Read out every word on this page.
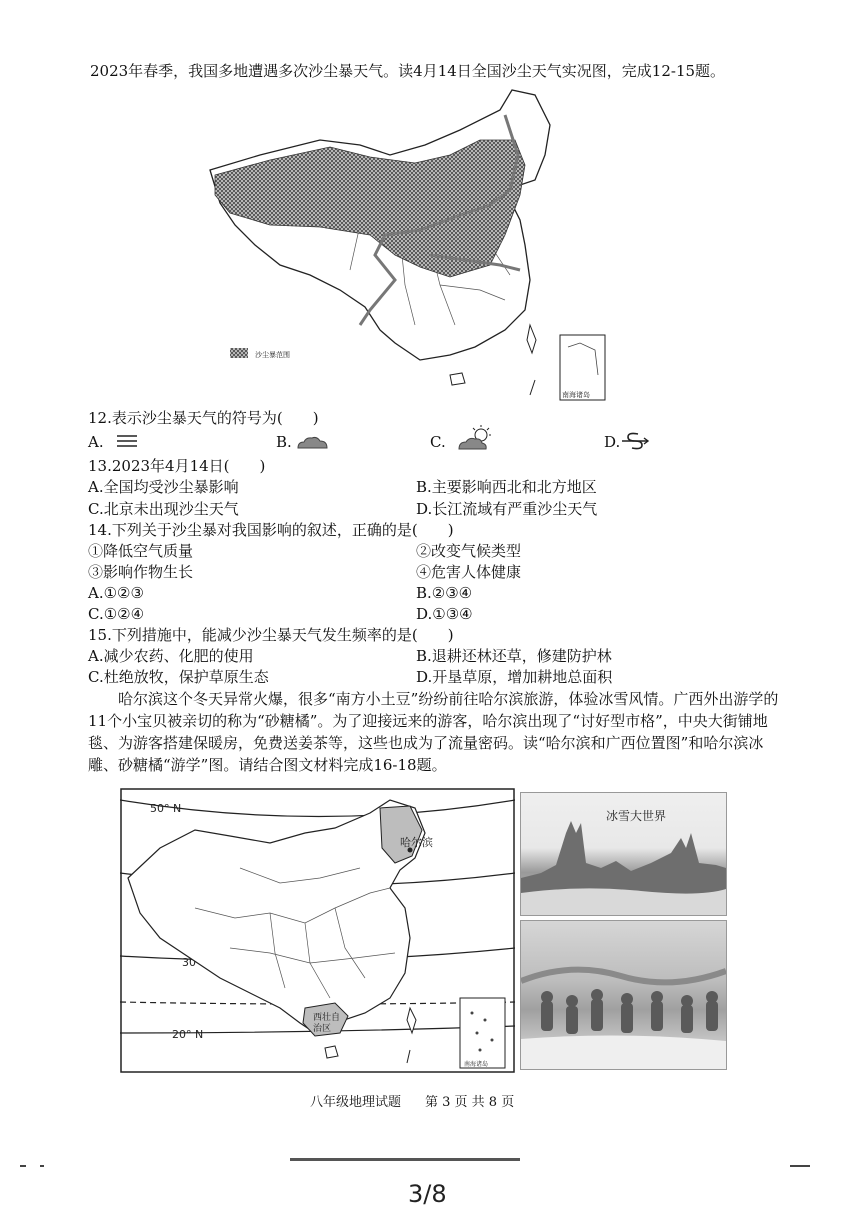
2023年春季，我国多地遭遇多次沙尘暴天气。读4月14日全国沙尘天气实况图，完成12-15题。
沙尘暴范围
南海诸岛
12.表示沙尘暴天气的符号为(　　)
A.	B.	C.	D.
13.2023年4月14日(　　)
A.全国均受沙尘暴影响	B.主要影响西北和北方地区
C.北京未出现沙尘天气	D.长江流域有严重沙尘天气
14.下列关于沙尘暴对我国影响的叙述，正确的是(　　)
①降低空气质量	②改变气候类型
③影响作物生长	④危害人体健康
A.①②③	B.②③④
C.①②④	D.①③④
15.下列措施中，能减少沙尘暴天气发生频率的是(　　)
A.减少农药、化肥的使用	B.退耕还林还草，修建防护林
C.杜绝放牧，保护草原生态	D.开垦草原，增加耕地总面积
哈尔滨这个冬天异常火爆，很多“南方小土豆”纷纷前往哈尔滨旅游，体验冰雪风情。广西外出游学的11个小宝贝被亲切的称为“砂糖橘”。为了迎接远来的游客，哈尔滨出现了“讨好型市格”，中央大街铺地毯、为游客搭建保暖房，免费送姜茶等，这些也成为了流量密码。读“哈尔滨和广西位置图”和哈尔滨冰雕、砂糖橘“游学”图。请结合图文材料完成16-18题。
50° N
30
20° N
哈尔滨
西壮自
治区
南海诸岛
冰雪大世界
八年级地理试题 第 3 页 共 8 页
3/8
